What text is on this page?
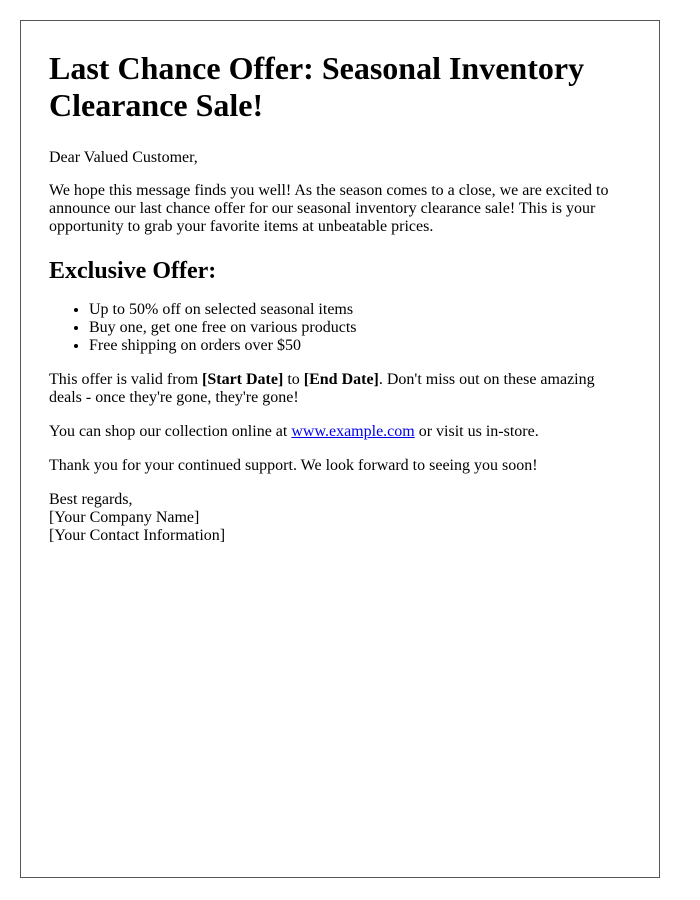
Last Chance Offer: Seasonal Inventory Clearance Sale!

Dear Valued Customer,

We hope this message finds you well! As the season comes to a close, we are excited to announce our last chance offer for our seasonal inventory clearance sale! This is your opportunity to grab your favorite items at unbeatable prices.

Exclusive Offer:
• Up to 50% off on selected seasonal items
• Buy one, get one free on various products
• Free shipping on orders over $50

This offer is valid from [Start Date] to [End Date]. Don't miss out on these amazing deals - once they're gone, they're gone!

You can shop our collection online at www.example.com or visit us in-store.

Thank you for your continued support. We look forward to seeing you soon!

Best regards,
[Your Company Name]
[Your Contact Information]
